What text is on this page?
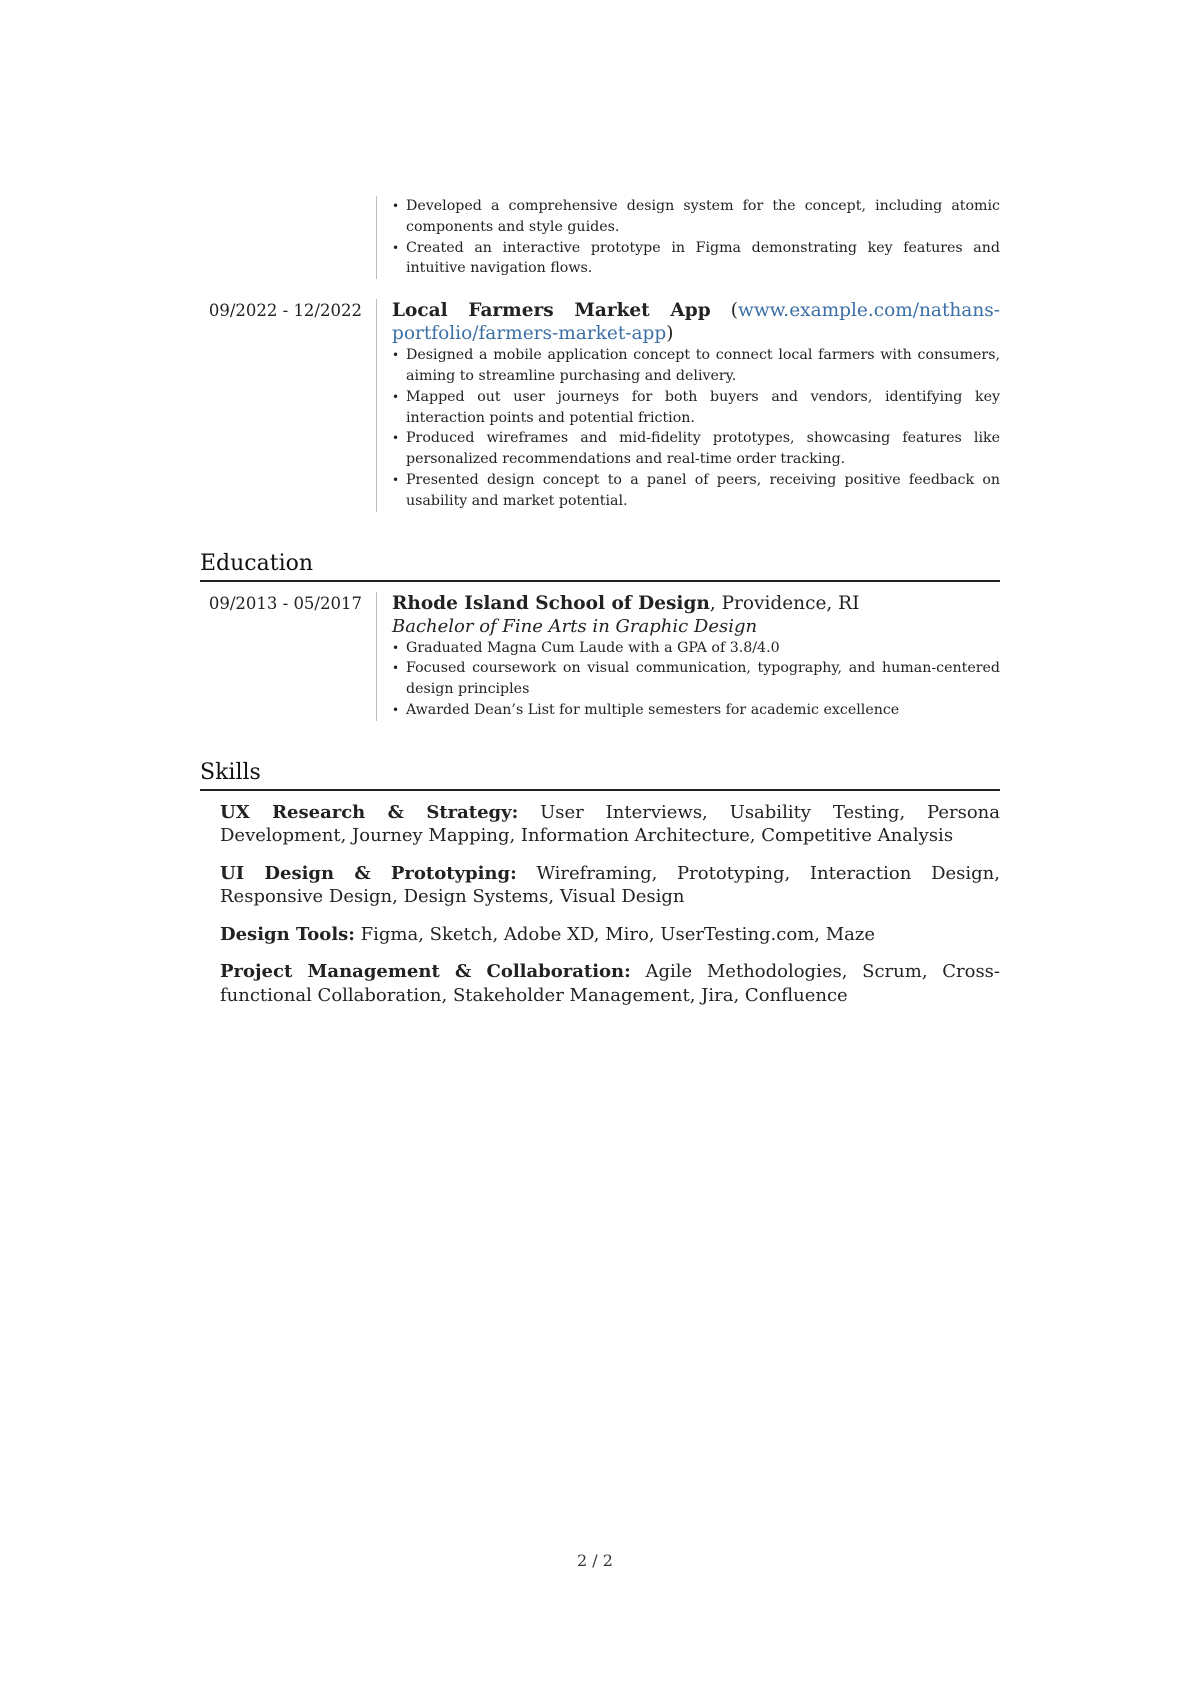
• Developed a comprehensive design system for the concept, including atomic components and style guides.
• Created an interactive prototype in Figma demonstrating key features and intuitive navigation flows.
09/2022 - 12/2022	Local Farmers Market App (www.example.com/nathans-portfolio/farmers-market-app)
• Designed a mobile application concept to connect local farmers with consumers, aiming to streamline purchasing and delivery.
• Mapped out user journeys for both buyers and vendors, identifying key interaction points and potential friction.
• Produced wireframes and mid-fidelity prototypes, showcasing features like personalized recommendations and real-time order tracking.
• Presented design concept to a panel of peers, receiving positive feedback on usability and market potential.
Education
09/2013 - 05/2017	Rhode Island School of Design, Providence, RI
Bachelor of Fine Arts in Graphic Design
• Graduated Magna Cum Laude with a GPA of 3.8/4.0
• Focused coursework on visual communication, typography, and human-centered design principles
• Awarded Dean’s List for multiple semesters for academic excellence
Skills
UX Research & Strategy: User Interviews, Usability Testing, Persona Development, Journey Mapping, Information Architecture, Competitive Analysis
UI Design & Prototyping: Wireframing, Prototyping, Interaction Design, Responsive Design, Design Systems, Visual Design
Design Tools: Figma, Sketch, Adobe XD, Miro, UserTesting.com, Maze
Project Management & Collaboration: Agile Methodologies, Scrum, Cross-functional Collaboration, Stakeholder Management, Jira, Confluence
2 / 2
